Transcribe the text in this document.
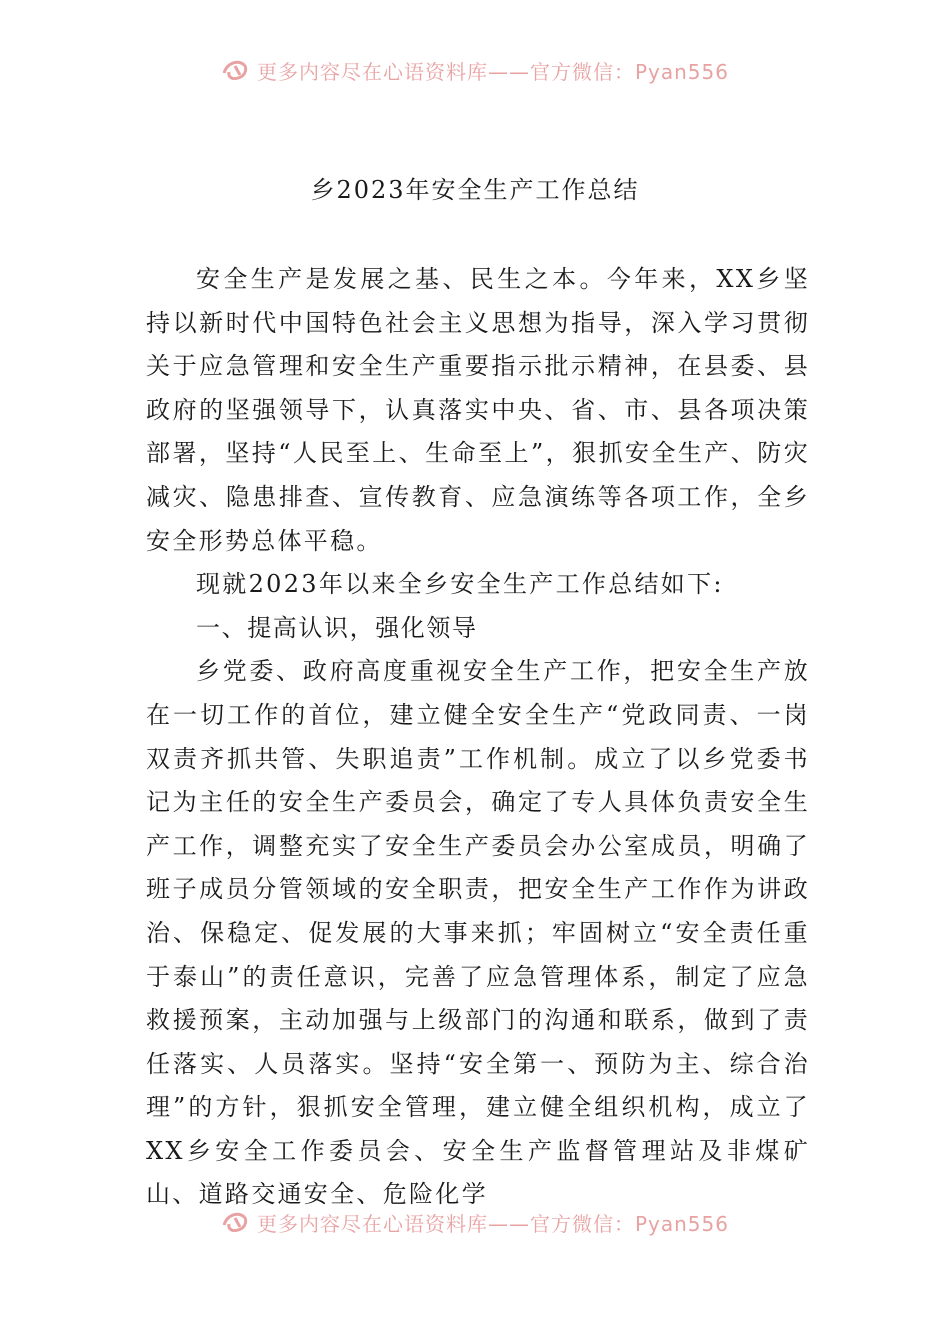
更多内容尽在心语资料库——官方微信：Pyan556
乡2023年安全生产工作总结

安全生产是发展之基、民生之本。今年来，XX乡坚持以新时代中国特色社会主义思想为指导，深入学习贯彻关于应急管理和安全生产重要指示批示精神，在县委、县政府的坚强领导下，认真落实中央、省、市、县各项决策部署，坚持“人民至上、生命至上”，狠抓安全生产、防灾减灾、隐患排查、宣传教育、应急演练等各项工作，全乡安全形势总体平稳。

现就2023年以来全乡安全生产工作总结如下:

一、提高认识，强化领导

乡党委、政府高度重视安全生产工作，把安全生产放在一切工作的首位，建立健全安全生产“党政同责、一岗双责齐抓共管、失职追责”工作机制。成立了以乡党委书记为主任的安全生产委员会，确定了专人具体负责安全生产工作，调整充实了安全生产委员会办公室成员，明确了班子成员分管领域的安全职责，把安全生产工作作为讲政治、保稳定、促发展的大事来抓；牢固树立“安全责任重于泰山”的责任意识，完善了应急管理体系，制定了应急救援预案，主动加强与上级部门的沟通和联系，做到了责任落实、人员落实。坚持“安全第一、预防为主、综合治理”的方针，狠抓安全管理，建立健全组织机构，成立了XX乡安全工作委员会、安全生产监督管理站及非煤矿山、道路交通安全、危险化学

更多内容尽在心语资料库——官方微信：Pyan556
